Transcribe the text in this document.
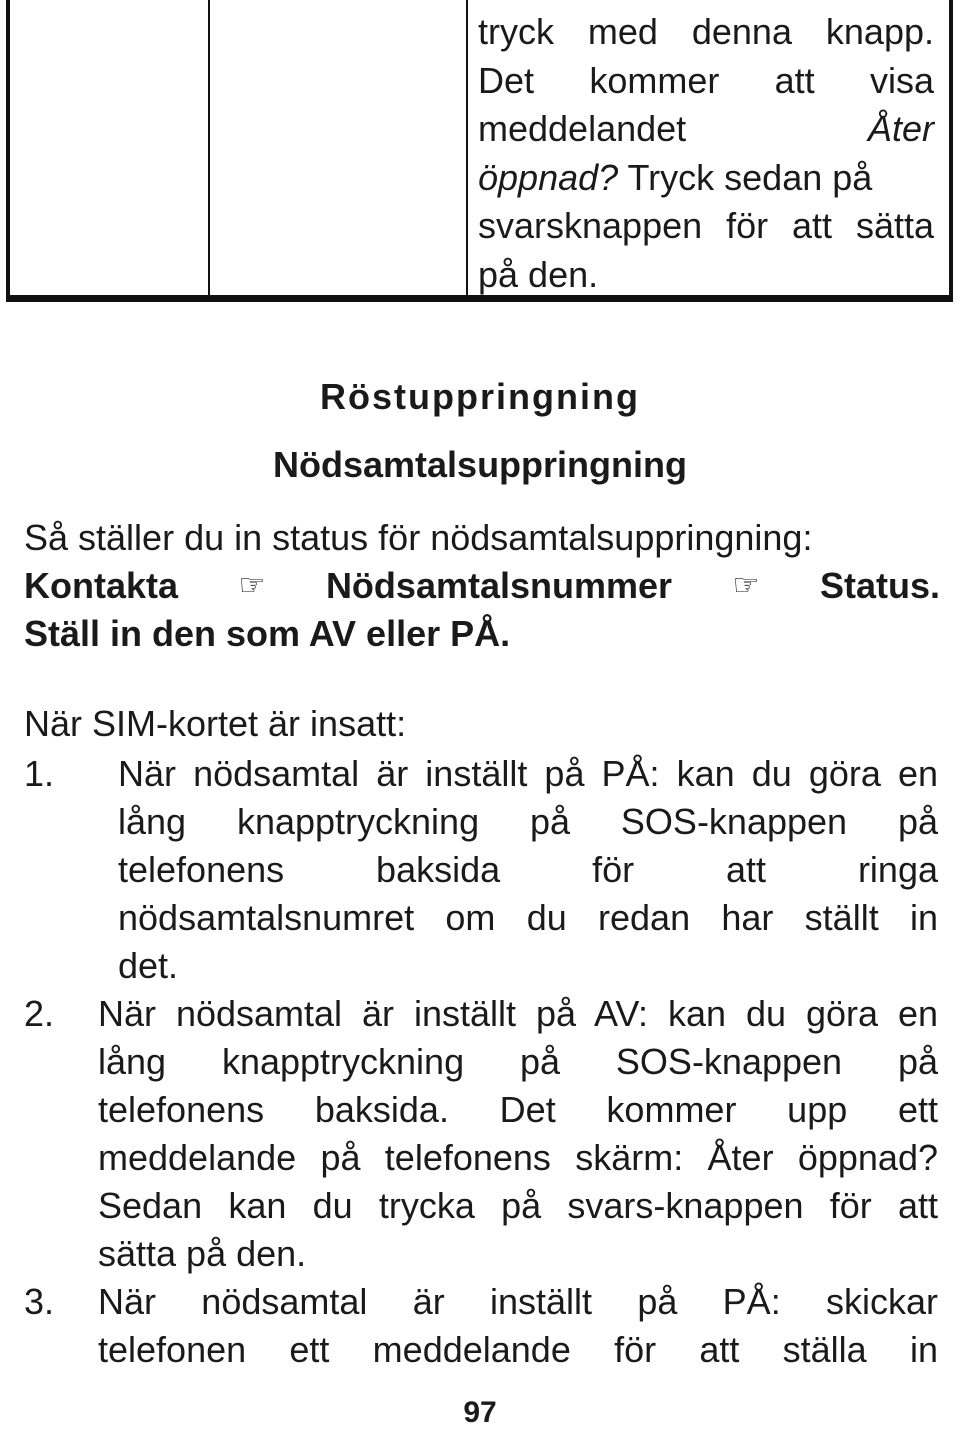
tryck med denna knapp.
Det kommer att visa
meddelandet	Åter
öppnad? Tryck sedan på
svarsknappen för att sätta
på den.
Röstuppringning
Nödsamtalsuppringning
Så ställer du in status för nödsamtalsuppringning:
Kontakta ☞ Nödsamtalsnummer ☞ Status.
Ställ in den som AV eller PÅ.
När SIM-kortet är insatt:
1. När nödsamtal är inställt på PÅ: kan du göra en
lång knapptryckning på SOS-knappen på
telefonens baksida för att ringa
nödsamtalsnumret om du redan har ställt in
det.
2. När nödsamtal är inställt på AV: kan du göra en
lång knapptryckning på SOS-knappen på
telefonens baksida. Det kommer upp ett
meddelande på telefonens skärm: Åter öppnad?
Sedan kan du trycka på svars-knappen för att
sätta på den.
3. När nödsamtal är inställt på PÅ: skickar
telefonen ett meddelande för att ställa in
97
